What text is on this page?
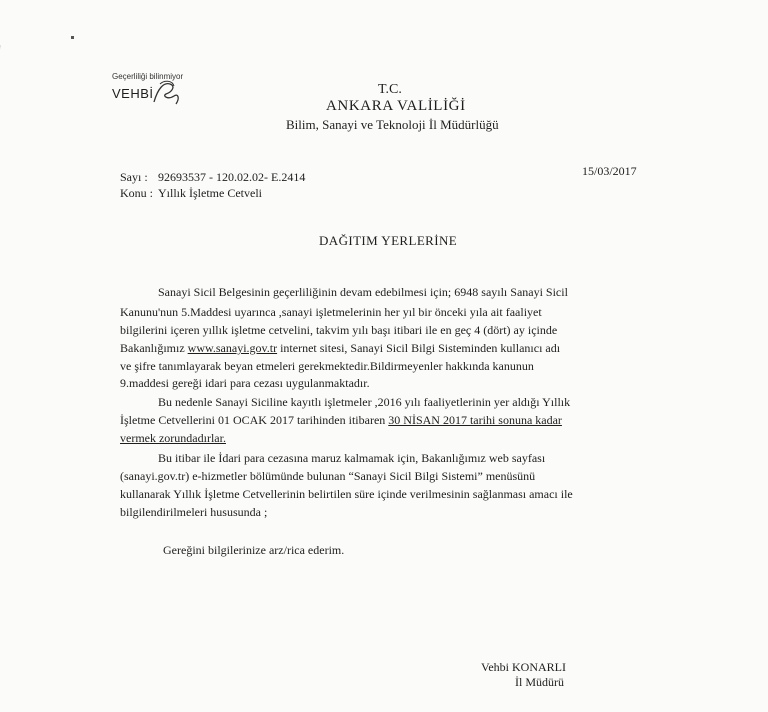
Geçerliliği bilinmiyor
VEHBİ	T.C.
ANKARA VALİLİĞİ
Bilim, Sanayi ve Teknoloji İl Müdürlüğü
Sayı : 92693537 - 120.02.02- E.2414
Konu : Yıllık İşletme Cetveli
15/03/2017
DAĞITIM YERLERİNE
Sanayi Sicil Belgesinin geçerliliğinin devam edebilmesi için; 6948 sayılı Sanayi Sicil
Kanunu'nun 5.Maddesi uyarınca ,sanayi işletmelerinin her yıl bir önceki yıla ait faaliyet
bilgilerini içeren yıllık işletme cetvelini, takvim yılı başı itibari ile en geç 4 (dört) ay içinde
Bakanlığımız www.sanayi.gov.tr internet sitesi, Sanayi Sicil Bilgi Sisteminden kullanıcı adı
ve şifre tanımlayarak beyan etmeleri gerekmektedir.Bildirmeyenler hakkında kanunun
9.maddesi gereği idari para cezası uygulanmaktadır.
Bu nedenle Sanayi Siciline kayıtlı işletmeler ,2016 yılı faaliyetlerinin yer aldığı Yıllık
İşletme Cetvellerini 01 OCAK 2017 tarihinden itibaren 30 NİSAN 2017 tarihi sonuna kadar
vermek zorundadırlar.
Bu itibar ile İdari para cezasına maruz kalmamak için, Bakanlığımız web sayfası
(sanayi.gov.tr) e-hizmetler bölümünde bulunan “Sanayi Sicil Bilgi Sistemi” menüsünü
kullanarak Yıllık İşletme Cetvellerinin belirtilen süre içinde verilmesinin sağlanması amacı ile
bilgilendirilmeleri hususunda ;
Gereğini bilgilerinize arz/rica ederim.
Vehbi KONARLI
İl Müdürü
